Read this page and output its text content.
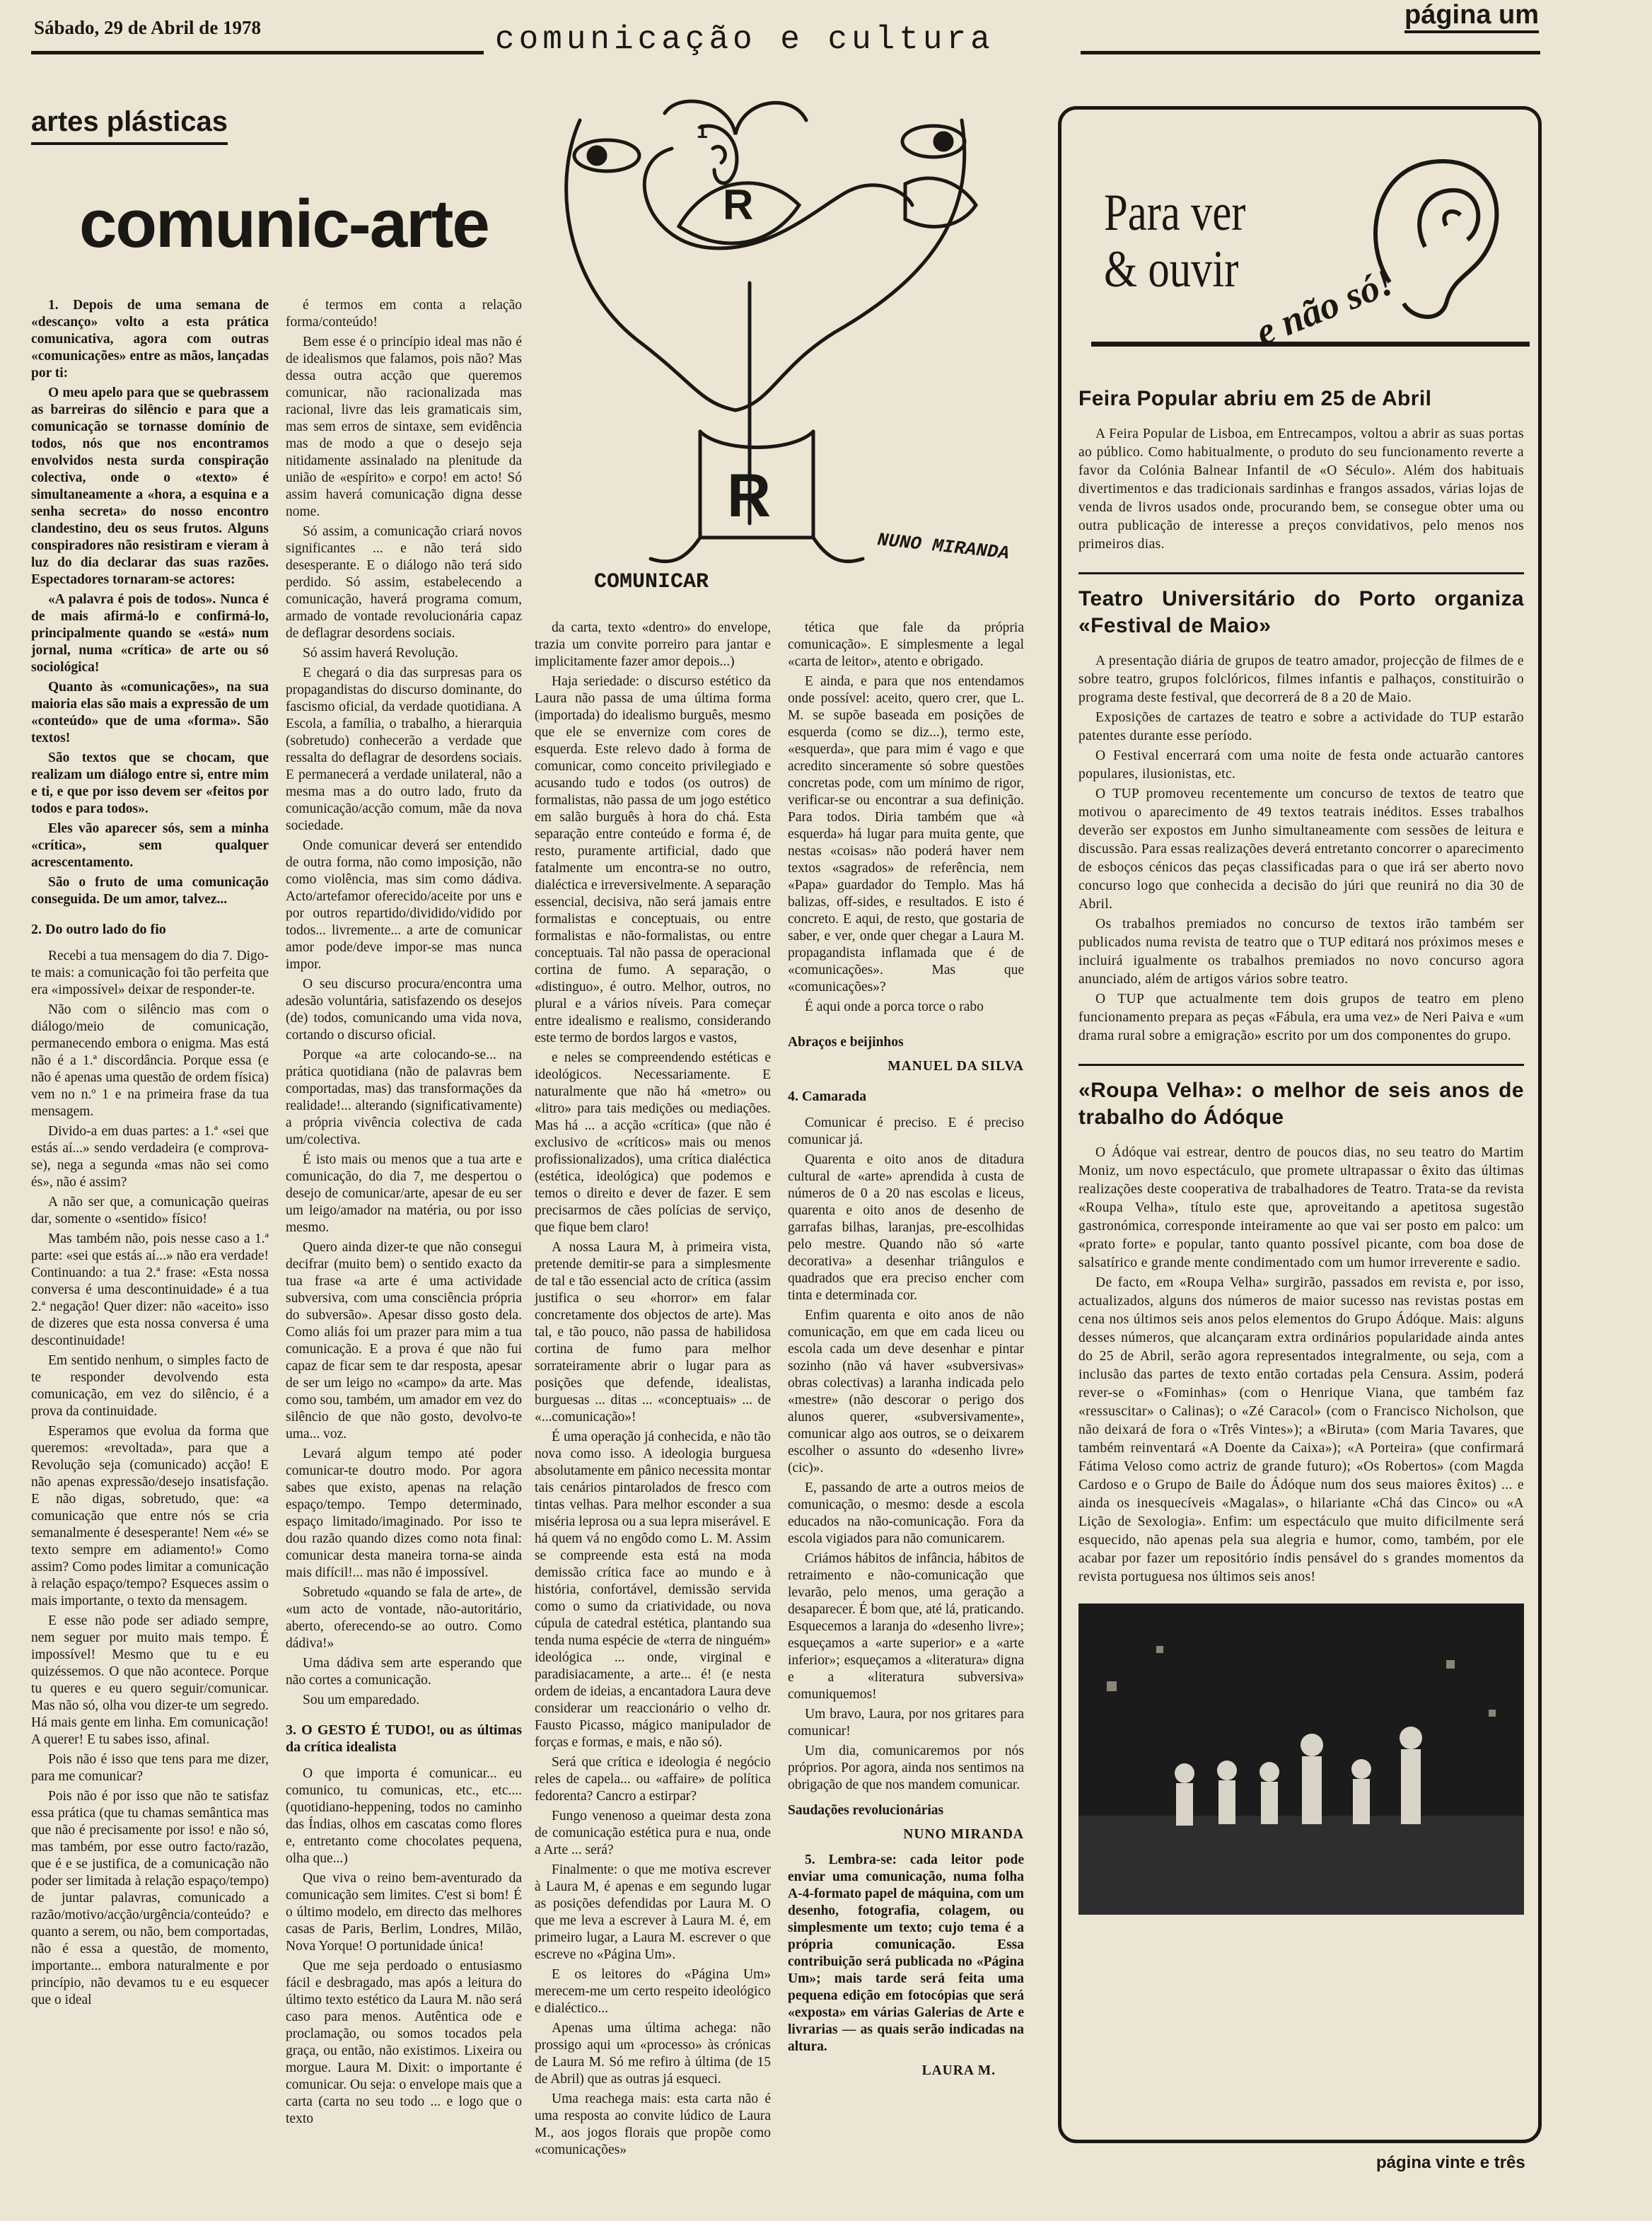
Sábado, 29 de Abril de 1978	comunicação e cultura
página um
artes plásticas
comunic-arte	R
R
1
COMUNICAR
NUNO MIRANDA

1. Depois de uma semana de «descanço» volto a esta prática comunicativa, agora com outras «comunicações» entre as mãos, lançadas por ti:

O meu apelo para que se quebrassem as barreiras do silêncio e para que a comunicação se tornasse domínio de todos, nós que nos encontramos envolvidos nesta surda conspiração colectiva, onde o «texto» é simultaneamente a «hora, a esquina e a senha secreta» do nosso encontro clandestino, deu os seus frutos. Alguns conspiradores não resistiram e vieram à luz do dia declarar das suas razões. Espectadores tornaram-se actores:

«A palavra é pois de todos». Nunca é de mais afirmá-lo e confirmá-lo, principalmente quando se «está» num jornal, numa «crítica» de arte ou só sociológica!

Quanto às «comunicações», na sua maioria elas são mais a expressão de um «conteúdo» que de uma «forma». São textos!

São textos que se chocam, que realizam um diálogo entre si, entre mim e ti, e que por isso devem ser «feitos por todos e para todos».

Eles vão aparecer sós, sem a minha «crítica», sem qualquer acrescentamento.

São o fruto de uma comunicação conseguida. De um amor, talvez...

2. Do outro lado do fio

Recebi a tua mensagem do dia 7. Digo-te mais: a comunicação foi tão perfeita que era «impossível» deixar de responder-te.

Não com o silêncio mas com o diálogo/meio de comunicação, permanecendo embora o enigma. Mas está não é a 1.ª discordância. Porque essa (e não é apenas uma questão de ordem física) vem no n.º 1 e na primeira frase da tua mensagem.

Divido-a em duas partes: a 1.ª «sei que estás aí...» sendo verdadeira (e comprova-se), nega a segunda «mas não sei como és», não é assim?

A não ser que, a comunicação queiras dar, somente o «sentido» físico!

Mas também não, pois nesse caso a 1.ª parte: «sei que estás aí...» não era verdade! Continuando: a tua 2.ª frase: «Esta nossa conversa é uma descontinuidade» é a tua 2.ª negação! Quer dizer: não «aceito» isso de dizeres que esta nossa conversa é uma descontinuidade!

Em sentido nenhum, o simples facto de te responder devolvendo esta comunicação, em vez do silêncio, é a prova da continuidade.

Esperamos que evolua da forma que queremos: «revoltada», para que a Revolução seja (comunicado) acção! E não apenas expressão/desejo insatisfação. E não digas, sobretudo, que: «a comunicação que entre nós se cria semanalmente é desesperante! Nem «é» se texto sempre em adiamento!» Como assim? Como podes limitar a comunicação à relação espaço/tempo? Esqueces assim o mais importante, o texto da mensagem.

E esse não pode ser adiado sempre, nem seguer por muito mais tempo. É impossível! Mesmo que tu e eu quizéssemos. O que não acontece. Porque tu queres e eu quero seguir/comunicar. Mas não só, olha vou dizer-te um segredo. Há mais gente em linha. Em comunicação! A querer! E tu sabes isso, afinal.

Pois não é isso que tens para me dizer, para me comunicar?

Pois não é por isso que não te satisfaz essa prática (que tu chamas semântica mas que não é precisamente por isso! e não só, mas também, por esse outro facto/razão, que é e se justifica, de a comunicação não poder ser limitada à relação espaço/tempo) de juntar palavras, comunicado a razão/motivo/acção/urgência/conteúdo? e quanto a serem, ou não, bem comportadas, não é essa a questão, de momento, importante... embora naturalmente e por princípio, não devamos tu e eu esquecer que o ideal

é termos em conta a relação forma/conteúdo!

Bem esse é o princípio ideal mas não é de idealismos que falamos, pois não? Mas dessa outra acção que queremos comunicar, não racionalizada mas racional, livre das leis gramaticais sim, mas sem erros de sintaxe, sem evidência mas de modo a que o desejo seja nitidamente assinalado na plenitude da união de «espírito» e corpo! em acto! Só assim haverá comunicação digna desse nome.

Só assim, a comunicação criará novos significantes ... e não terá sido desesperante. E o diálogo não terá sido perdido. Só assim, estabelecendo a comunicação, haverá programa comum, armado de vontade revolucionária capaz de deflagrar desordens sociais.

Só assim haverá Revolução.

E chegará o dia das surpresas para os propagandistas do discurso dominante, do fascismo oficial, da verdade quotidiana. A Escola, a família, o trabalho, a hierarquia (sobretudo) conhecerão a verdade que ressalta do deflagrar de desordens sociais. E permanecerá a verdade unilateral, não a mesma mas a do outro lado, fruto da comunicação/acção comum, mãe da nova sociedade.

Onde comunicar deverá ser entendido de outra forma, não como imposição, não como violência, mas sim como dádiva. Acto/artefamor oferecido/aceite por uns e por outros repartido/dividido/vidido por todos... livremente... a arte de comunicar amor pode/deve impor-se mas nunca impor.

O seu discurso procura/encontra uma adesão voluntária, satisfazendo os desejos (de) todos, comunicando uma vida nova, cortando o discurso oficial.

Porque «a arte colocando-se... na prática quotidiana (não de palavras bem comportadas, mas) das transformações da realidade!... alterando (significativamente) a própria vivência colectiva de cada um/colectiva.

É isto mais ou menos que a tua arte e comunicação, do dia 7, me despertou o desejo de comunicar/arte, apesar de eu ser um leigo/amador na matéria, ou por isso mesmo.

Quero ainda dizer-te que não consegui decifrar (muito bem) o sentido exacto da tua frase «a arte é uma actividade subversiva, com uma consciência própria do subversão». Apesar disso gosto dela. Como aliás foi um prazer para mim a tua comunicação. E a prova é que não fui capaz de ficar sem te dar resposta, apesar de ser um leigo no «campo» da arte. Mas como sou, também, um amador em vez do silêncio de que não gosto, devolvo-te uma... voz.

Levará algum tempo até poder comunicar-te doutro modo. Por agora sabes que existo, apenas na relação espaço/tempo. Tempo determinado, espaço limitado/imaginado. Por isso te dou razão quando dizes como nota final: comunicar desta maneira torna-se ainda mais difícil!... mas não é impossível.

Sobretudo «quando se fala de arte», de «um acto de vontade, não-autoritário, aberto, oferecendo-se ao outro. Como dádiva!»

Uma dádiva sem arte esperando que não cortes a comunicação.

Sou um emparedado.

3. O GESTO É TUDO!, ou as últimas da crítica idealista

O que importa é comunicar... eu comunico, tu comunicas, etc., etc.... (quotidiano-heppening, todos no caminho das Índias, olhos em cascatas como flores e, entretanto come chocolates pequena, olha que...)

Que viva o reino bem-aventurado da comunicação sem limites. C'est si bom! É o último modelo, em directo das melhores casas de Paris, Berlim, Londres, Milão, Nova Yorque! O portunidade única!

Que me seja perdoado o entusiasmo fácil e desbragado, mas após a leitura do último texto estético da Laura M. não será caso para menos. Autêntica ode e proclamação, ou somos tocados pela graça, ou então, não existimos. Lixeira ou morgue. Laura M. Dixit: o importante é comunicar. Ou seja: o envelope mais que a carta (carta no seu todo ... e logo que o texto

da carta, texto «dentro» do envelope, trazia um convite porreiro para jantar e implicitamente fazer amor depois...)

Haja seriedade: o discurso estético da Laura não passa de uma última forma (importada) do idealismo burguês, mesmo que ele se envernize com cores de esquerda. Este relevo dado à forma de comunicar, como conceito privilegiado e acusando tudo e todos (os outros) de formalistas, não passa de um jogo estético em salão burguês à hora do chá. Esta separação entre conteúdo e forma é, de resto, puramente artificial, dado que fatalmente um encontra-se no outro, dialéctica e irreversivelmente. A separação essencial, decisiva, não será jamais entre formalistas e conceptuais, ou entre formalistas e não-formalistas, ou entre conceptuais. Tal não passa de operacional cortina de fumo. A separação, o «distinguo», é outro. Melhor, outros, no plural e a vários níveis. Para começar entre idealismo e realismo, considerando este termo de bordos largos e vastos,

e neles se compreendendo estéticas e ideológicos. Necessariamente. E naturalmente que não há «metro» ou «litro» para tais medições ou mediações. Mas há ... a acção «crítica» (que não é exclusivo de «críticos» mais ou menos profissionalizados), uma crítica dialéctica (estética, ideológica) que podemos e temos o direito e dever de fazer. E sem precisarmos de cães polícias de serviço, que fique bem claro!

A nossa Laura M, à primeira vista, pretende demitir-se para a simplesmente de tal e tão essencial acto de crítica (assim justifica o seu «horror» em falar concretamente dos objectos de arte). Mas tal, e tão pouco, não passa de habilidosa cortina de fumo para melhor sorrateiramente abrir o lugar para as posições que defende, idealistas, burguesas ... ditas ... «conceptuais» ... de «...comunicação»!

É uma operação já conhecida, e não tão nova como isso. A ideologia burguesa absolutamente em pânico necessita montar tais cenários pintarolados de fresco com tintas velhas. Para melhor esconder a sua miséria leprosa ou a sua lepra miserável. E há quem vá no engôdo como L. M. Assim se compreende esta está na moda demissão crítica face ao mundo e à história, confortável, demissão servida como o sumo da criatividade, ou nova cúpula de catedral estética, plantando sua tenda numa espécie de «terra de ninguém» ideológica ... onde, virginal e paradisiacamente, a arte... é! (e nesta ordem de ideias, a encantadora Laura deve considerar um reaccionário o velho dr. Fausto Picasso, mágico manipulador de forças e formas, e mais, e não só).

Será que crítica e ideologia é negócio reles de capela... ou «affaire» de política fedorenta? Cancro a estirpar?

Fungo venenoso a queimar desta zona de comunicação estética pura e nua, onde a Arte ... será?

Finalmente: o que me motiva escrever à Laura M, é apenas e em segundo lugar as posições defendidas por Laura M. O que me leva a escrever à Laura M. é, em primeiro lugar, a Laura M. escrever o que escreve no «Página Um».

E os leitores do «Página Um» merecem-me um certo respeito ideológico e dialéctico...

Apenas uma última achega: não prossigo aqui um «processo» às crónicas de Laura M. Só me refiro à última (de 15 de Abril) que as outras já esqueci.

Uma reachega mais: esta carta não é uma resposta ao convite lúdico de Laura M., aos jogos florais que propõe como «comunicações»

tética que fale da própria comunicação». E simplesmente a legal «carta de leitor», atento e obrigado.

E ainda, e para que nos entendamos onde possível: aceito, quero crer, que L. M. se supõe baseada em posições de esquerda (como se diz...), termo este, «esquerda», que para mim é vago e que acredito sinceramente só sobre questões concretas pode, com um mínimo de rigor, verificar-se ou encontrar a sua definição. Para todos. Diria também que «à esquerda» há lugar para muita gente, que nestas «coisas» não poderá haver nem textos «sagrados» de referência, nem «Papa» guardador do Templo. Mas há balizas, off-sides, e resultados. E isto é concreto. E aqui, de resto, que gostaria de saber, e ver, onde quer chegar a Laura M. propagandista inflamada que é de «comunicações». Mas que «comunicações»?

É aqui onde a porca torce o rabo

Abraços e beijinhos

MANUEL DA SILVA

4. Camarada

Comunicar é preciso. E é preciso comunicar já.

Quarenta e oito anos de ditadura cultural de «arte» aprendida à custa de números de 0 a 20 nas escolas e liceus, quarenta e oito anos de desenho de garrafas bilhas, laranjas, pre-escolhidas pelo mestre. Quando não só «arte decorativa» a desenhar triângulos e quadrados que era preciso encher com tinta e determinada cor.

Enfim quarenta e oito anos de não comunicação, em que em cada liceu ou escola cada um deve desenhar e pintar sozinho (não vá haver «subversivas» obras colectivas) a laranha indicada pelo «mestre» (não descorar o perigo dos alunos querer, «subversivamente», comunicar algo aos outros, se o deixarem escolher o assunto do «desenho livre» (cic)».

E, passando de arte a outros meios de comunicação, o mesmo: desde a escola educados na não-comunicação. Fora da escola vigiados para não comunicarem.

Criámos hábitos de infância, hábitos de retraimento e não-comunicação que levarão, pelo menos, uma geração a desaparecer. É bom que, até lá, praticando. Esquecemos a laranja do «desenho livre»; esqueçamos a «arte superior» e a «arte inferior»; esqueçamos a «literatura» digna e a «literatura subversiva» comuniquemos!

Um bravo, Laura, por nos gritares para comunicar!

Um dia, comunicaremos por nós próprios. Por agora, ainda nos sentimos na obrigação de que nos mandem comunicar.

Saudações revolucionárias

NUNO MIRANDA

5. Lembra-se: cada leitor pode enviar uma comunicação, numa folha A-4-formato papel de máquina, com um desenho, fotografia, colagem, ou simplesmente um texto; cujo tema é a própria comunicação. Essa contribuição será publicada no «Página Um»; mais tarde será feita uma pequena edição em fotocópias que será «exposta» em várias Galerias de Arte e livrarias — as quais serão indicadas na altura.

LAURA M.

Para ver
& ouvir e não só!
Feira Popular abriu em 25 de Abril

A Feira Popular de Lisboa, em Entrecampos, voltou a abrir as suas portas ao público. Como habitualmente, o produto do seu funcionamento reverte a favor da Colónia Balnear Infantil de «O Século». Além dos habituais divertimentos e das tradicionais sardinhas e frangos assados, várias lojas de venda de livros usados onde, procurando bem, se consegue obter uma ou outra publicação de interesse a preços convidativos, pelo menos nos primeiros dias.

Teatro Universitário do Porto organiza «Festival de Maio»

A presentação diária de grupos de teatro amador, projecção de filmes de e sobre teatro, grupos folclóricos, filmes infantis e palhaços, constituirão o programa deste festival, que decorrerá de 8 a 20 de Maio.

Exposições de cartazes de teatro e sobre a actividade do TUP estarão patentes durante esse período.

O Festival encerrará com uma noite de festa onde actuarão cantores populares, ilusionistas, etc.

O TUP promoveu recentemente um concurso de textos de teatro que motivou o aparecimento de 49 textos teatrais inéditos. Esses trabalhos deverão ser expostos em Junho simultaneamente com sessões de leitura e discussão. Para essas realizações deverá entretanto concorrer o aparecimento de esboços cénicos das peças classificadas para o que irá ser aberto novo concurso logo que conhecida a decisão do júri que reunirá no dia 30 de Abril.

Os trabalhos premiados no concurso de textos irão também ser publicados numa revista de teatro que o TUP editará nos próximos meses e incluirá igualmente os trabalhos premiados no novo concurso agora anunciado, além de artigos vários sobre teatro.

O TUP que actualmente tem dois grupos de teatro em pleno funcionamento prepara as peças «Fábula, era uma vez» de Neri Paiva e «um drama rural sobre a emigração» escrito por um dos componentes do grupo.

«Roupa Velha»: o melhor de seis anos de trabalho do Ádóque

O Ádóque vai estrear, dentro de poucos dias, no seu teatro do Martim Moniz, um novo espectáculo, que promete ultrapassar o êxito das últimas realizações deste cooperativa de trabalhadores de Teatro. Trata-se da revista «Roupa Velha», título este que, aproveitando a apetitosa sugestão gastronómica, corresponde inteiramente ao que vai ser posto em palco: um «prato forte» e popular, tanto quanto possível picante, com boa dose de salsatírico e grande mente condimentado com um humor irreverente e sadio.

De facto, em «Roupa Velha» surgirão, passados em revista e, por isso, actualizados, alguns dos números de maior sucesso nas revistas postas em cena nos últimos seis anos pelos elementos do Grupo Ádóque. Mais: alguns desses números, que alcançaram extra ordinários popularidade ainda antes do 25 de Abril, serão agora representados integralmente, ou seja, com a inclusão das partes de texto então cortadas pela Censura. Assim, poderá rever-se o «Fominhas» (com o Henrique Viana, que também faz «ressuscitar» o Calinas); o «Zé Caracol» (com o Francisco Nicholson, que não deixará de fora o «Três Vintes»); a «Biruta» (com Maria Tavares, que também reinventará «A Doente da Caixa»); «A Porteira» (que confirmará Fátima Veloso como actriz de grande futuro); «Os Robertos» (com Magda Cardoso e o Grupo de Baile do Ádóque num dos seus maiores êxitos) ... e ainda os inesquecíveis «Magalas», o hilariante «Chá das Cinco» ou «A Lição de Sexologia». Enfim: um espectáculo que muito dificilmente será esquecido, não apenas pela sua alegria e humor, como, também, por ele acabar por fazer um repositório índis pensável do s grandes momentos da revista portuguesa nos últimos seis anos!

página vinte e três
